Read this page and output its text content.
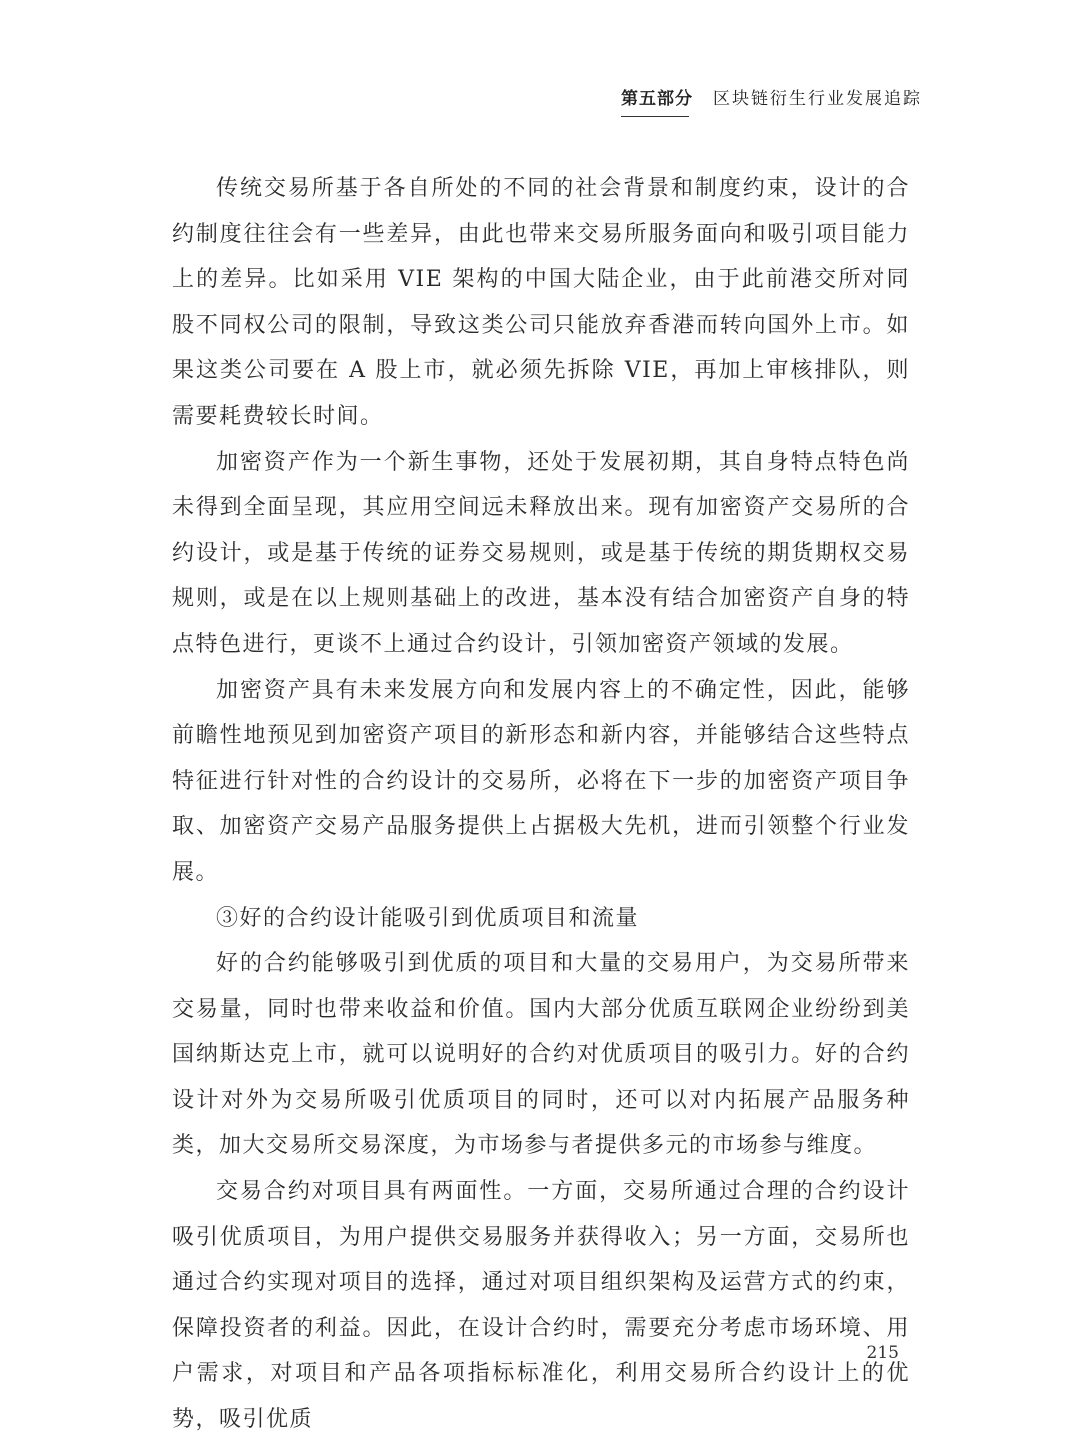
第五部分 区块链衍生行业发展追踪

传统交易所基于各自所处的不同的社会背景和制度约束，设计的合约制度往往会有一些差异，由此也带来交易所服务面向和吸引项目能力上的差异。比如采用 VIE 架构的中国大陆企业，由于此前港交所对同股不同权公司的限制，导致这类公司只能放弃香港而转向国外上市。如果这类公司要在 A 股上市，就必须先拆除 VIE，再加上审核排队，则需要耗费较长时间。

加密资产作为一个新生事物，还处于发展初期，其自身特点特色尚未得到全面呈现，其应用空间远未释放出来。现有加密资产交易所的合约设计，或是基于传统的证券交易规则，或是基于传统的期货期权交易规则，或是在以上规则基础上的改进，基本没有结合加密资产自身的特点特色进行，更谈不上通过合约设计，引领加密资产领域的发展。

加密资产具有未来发展方向和发展内容上的不确定性，因此，能够前瞻性地预见到加密资产项目的新形态和新内容，并能够结合这些特点特征进行针对性的合约设计的交易所，必将在下一步的加密资产项目争取、加密资产交易产品服务提供上占据极大先机，进而引领整个行业发展。

③好的合约设计能吸引到优质项目和流量

好的合约能够吸引到优质的项目和大量的交易用户，为交易所带来交易量，同时也带来收益和价值。国内大部分优质互联网企业纷纷到美国纳斯达克上市，就可以说明好的合约对优质项目的吸引力。好的合约设计对外为交易所吸引优质项目的同时，还可以对内拓展产品服务种类，加大交易所交易深度，为市场参与者提供多元的市场参与维度。

交易合约对项目具有两面性。一方面，交易所通过合理的合约设计吸引优质项目，为用户提供交易服务并获得收入；另一方面，交易所也通过合约实现对项目的选择，通过对项目组织架构及运营方式的约束，保障投资者的利益。因此，在设计合约时，需要充分考虑市场环境、用户需求，对项目和产品各项指标标准化，利用交易所合约设计上的优势，吸引优质

215
